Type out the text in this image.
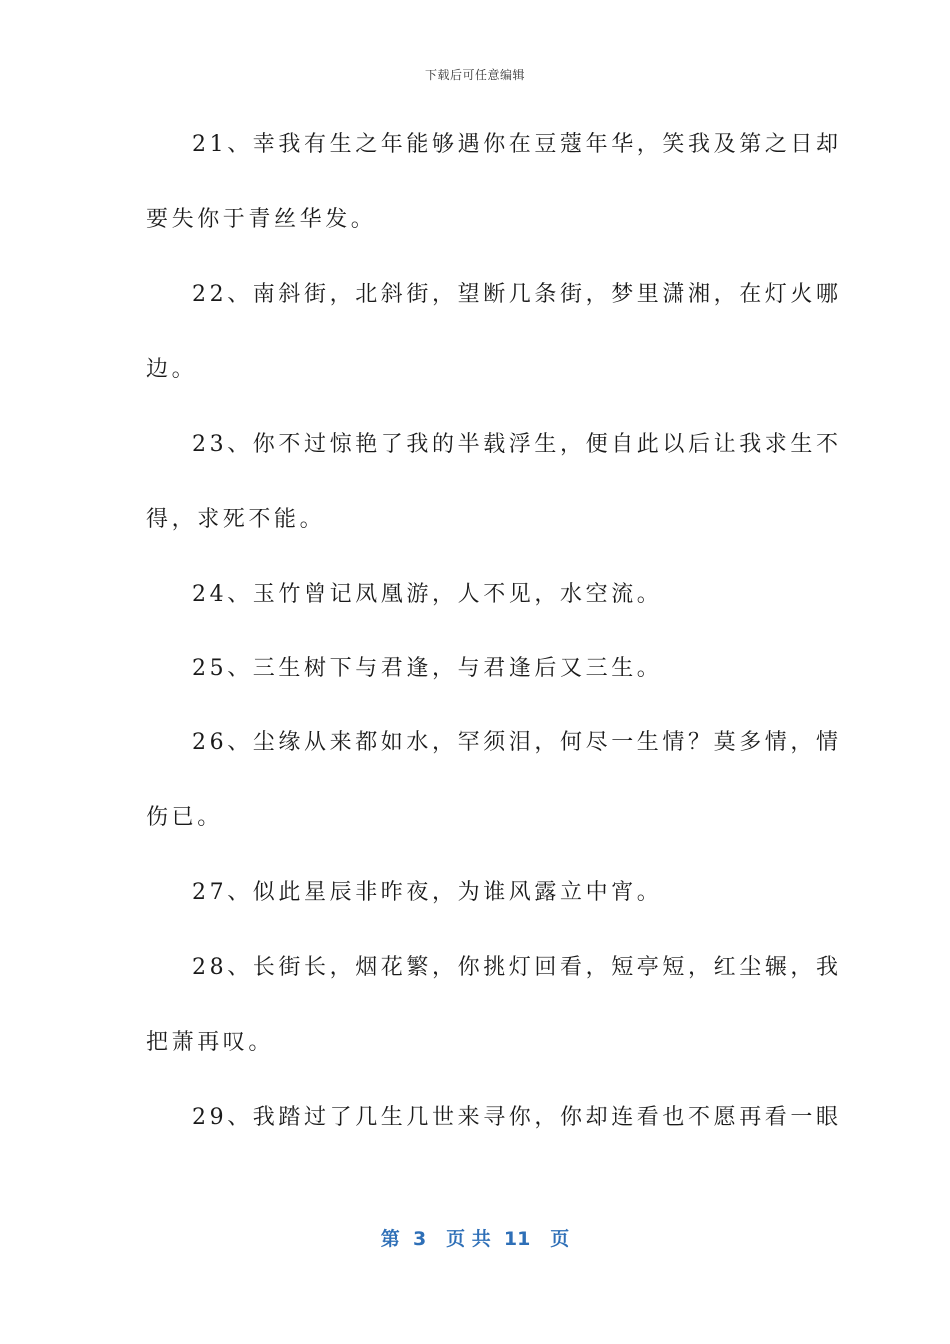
下载后可任意编辑
21、幸我有生之年能够遇你在豆蔻年华，笑我及第之日却
要失你于青丝华发。
22、南斜街，北斜街，望断几条街，梦里潇湘，在灯火哪
边。
23、你不过惊艳了我的半载浮生，便自此以后让我求生不
得，求死不能。
24、玉竹曾记凤凰游，人不见，水空流。
25、三生树下与君逢，与君逢后又三生。
26、尘缘从来都如水，罕须泪，何尽一生情？莫多情，情
伤已。
27、似此星辰非昨夜，为谁风露立中宵。
28、长街长，烟花繁，你挑灯回看，短亭短，红尘辗，我
把萧再叹。
29、我踏过了几生几世来寻你，你却连看也不愿再看一眼
第  3   页 共  11   页
